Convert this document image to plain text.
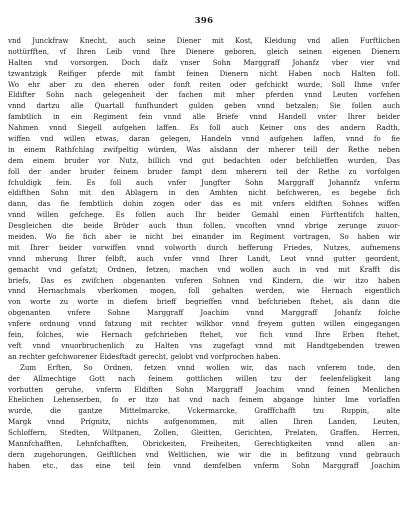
396
vnd Junckfraw Knecht, auch seine Diener mit Kost, Kleidung vnd allen Furftlichen
nottürfften, vf Ihren Leib vnnd Ihre Dienere geboren, gleich seinen eigenen Dienern
Halten vnd vorsorgen. Doch dafz vnser Sohn Marggraff Johanfz vber vier vnd
tzwantzigk Reifiger pferde mit fambt feinen Dienern nicht Haben noch Halten foll.
Wo ehr aber zu den eheren oder fonft reiten oder gefchickt wurde, Soll Ihme vnfer
Eldifter Sohn nach gelegenheit der fachen mit mher pferden vnnd Leuten vorfehen
vnnd dartzu alle Quartall funfhundert gulden geben vnnd betzalen; Sie follen auch
fambtlich in ein Regiment fein vnnd alle Briefe vnnd Handell vnter Ihrer beider
Nahmen vnnd Siegell aufgehen laffen. Es foll auch Keiner ons des andern Radth,
wiffen vnd willen etwas, daran gelegen, Handeln vnnd aufgehen laffen, vnnd fo fie
in einem Rathfchlag zwifpeltig würden, Was alsdann der mherer teill der Rethe neben
dem einem bruder vor Nutz, billich vnd gut bedachten oder befchlieffen wurden, Das
foll der ander bruder feinem bruder fampt dem mherern teil der Rethe zu vorfolgen
fchuldigk fein. Es foll auch vnfer Jungfter Sohn Marggraff Johannfz vnferm
eldifthen Sohn mit den Ablagern in den Amhten nicht befchweren, es begebe fich
dann, das fie fembtlich dohin zogen oder das es mit vnfers eldiften Sohnes wiffen
vnnd willen gefchege. Es follen auch Ihr beider Gemahl einen Fürftentifch halten,
Desgleichen die beide Brüder auch thun follen, vncoften vnnd vbrige zerunge zuuor-
meiden. Wo fie fich aber ie nicht bei einander im Regiment vortragen, So haben wir
mit Ihrer beider vorwiffen vnnd volworth durch befferung Friedes, Nutzes, aufnemens
vnnd mherung Ihrer felbft, auch vnfer vnnd Ihrer Landt, Leut vnnd gutter geordent,
gemacht vnd gefatzt; Ordnen, fetzen, machen vnd wollen auch in vnd mit Krafft dis
briefs, Das es zwifchen obgenanten vnferen Sohnen vnd Kindern, die wir itzo haben
vnnd Hernachmals vberkomen mogen, foll gehalten werden, wie Hernach eigentlich
von worte zu worte in diefem brieff begrieffen vnnd befchrieben ftehet, als dann die
obgenanten vnfere Sohne Marggraff Joachim vnnd Marggraff Johanfz folche
vnfere ordnung vnnd fatzung mit rechter wilkhor vnnd freyem gutten willen eingegangen
fein, folches, wie Hernach gefchrieben ftehet, vor fich vnnd Ihre Erben ftehet,
veft vnnd vnuorbruchenlich zu Halten vns zugefagt vnnd mit Handtgebenden trewen
an rechter gefchworener Eidesftadt gerecht, gelobt vnd vorfprochen haben.
Zum Erften, So Ordnen, fetzen vnnd wollen wir, das nach vnferem tode, den
der Allmechtige Gott nach feinem gottlichen willen tzu der feelenfeligkeit lang
vorhutten geruhe, vnferm Eldiften Sohn Marggraff Joachim vnnd feinen Menlichen
Ehelichen Lehenserben, fo er itzo hat vnd nach feinem abgange hinter Ime vorlaffen
wurde, die gantze Mittelmarcke, Vckermarcke, Grafffchafft tzu Ruppin, alte
Margk vnnd Prignitz, nichts aufgenommen, mit allen Ihren Landen, Leuten,
Schloffern, Stedten, Wiltpanen, Zollen, Gleitten, Gerichten, Prelaten, Graffen, Herren,
Mannfchafften, Lehnfchafften, Obrickeiten, Freiheiten, Gerechtigkeiten vnnd allen an-
dern zugehorungen, Geiftlichen vnd Weltlichen, wie wir die in befitzung vnnd gebrauch
haben etc., das eine teil fein vnnd demfelben vnferm Sohn Marggraff Joachim
